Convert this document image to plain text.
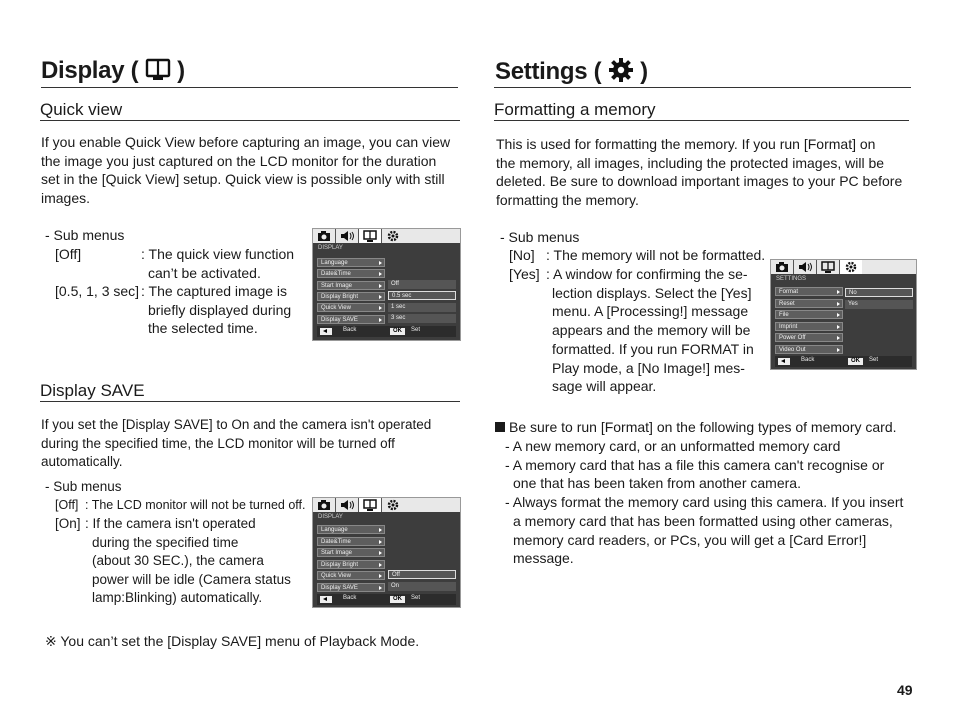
Display ( )
Quick view
If you enable Quick View before capturing an image, you can view
the image you just captured on the LCD monitor for the duration
set in the [Quick View] setup. Quick view is possible only with still
images.
- Sub menus
[Off]	: The quick view function
can’t be activated.
[0.5, 1, 3 sec] : The captured image is
briefly displayed during
the selected time.
DISPLAY
Language
Date&Time
Start Image
Display Bright
Quick View
Display SAVE
Off
0.5 sec
1 sec
3 sec
Back	OK	Set
Display SAVE
If you set the [Display SAVE] to On and the camera isn't operated
during the specified time, the LCD monitor will be turned off
automatically.
- Sub menus
[Off] : The LCD monitor will not be turned off.
[On] : If the camera isn't operated
during the specified time
(about 30 SEC.), the camera
power will be idle (Camera status
lamp:Blinking) automatically.
DISPLAY
Language
Date&Time
Start Image
Display Bright
Quick View
Display SAVE
Off
On
Back	OK	Set
※ You can’t set the [Display SAVE] menu of Playback Mode.
Settings ( )
Formatting a memory
This is used for formatting the memory. If you run [Format] on
the memory, all images, including the protected images, will be
deleted. Be sure to download important images to your PC before
formatting the memory.
- Sub menus
[No] : The memory will not be formatted.
[Yes] : A window for confirming the se-
lection displays. Select the [Yes]
menu. A [Processing!] message
appears and the memory will be
formatted. If you run FORMAT in
Play mode, a [No Image!] mes-
sage will appear.
SETTINGS
Format
Reset
File
Imprint
Power Off
Video Out
No
Yes
Back	OK	Set
Be sure to run [Format] on the following types of memory card.
- A new memory card, or an unformatted memory card
- A memory card that has a file this camera can't recognise or
one that has been taken from another camera.
- Always format the memory card using this camera. If you insert
a memory card that has been formatted using other cameras,
memory card readers, or PCs, you will get a [Card Error!]
message.
49
